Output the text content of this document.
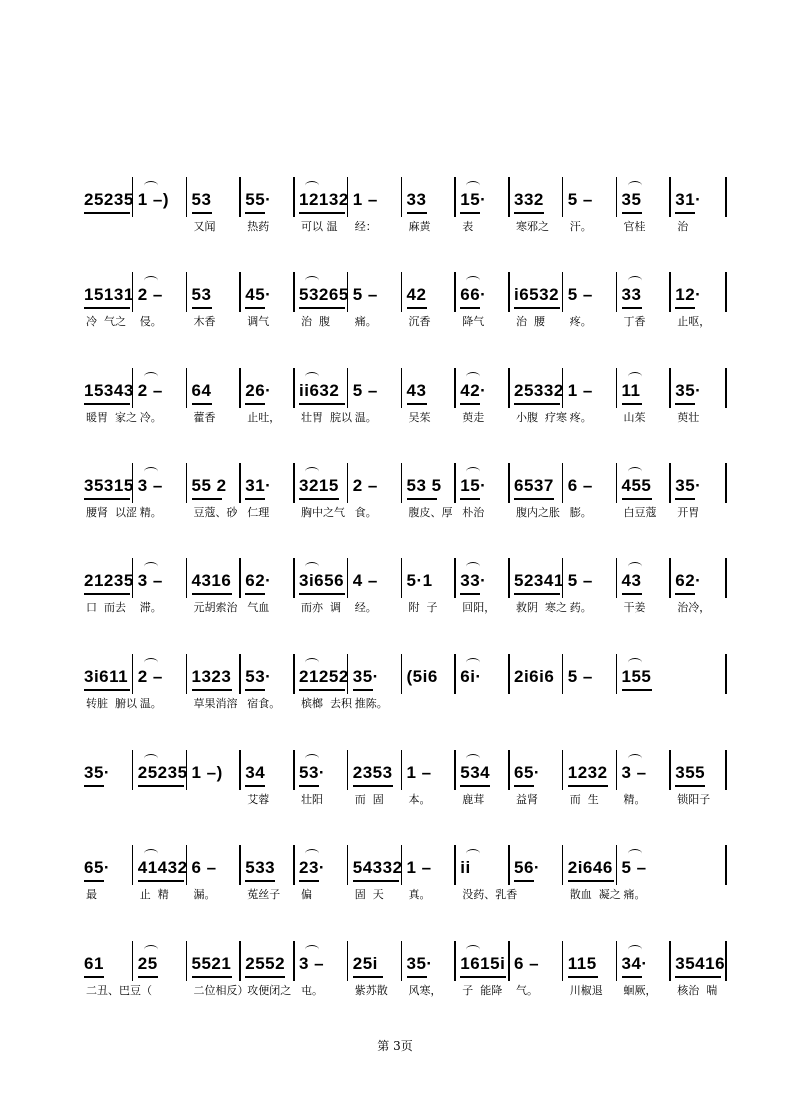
25235 1 –) 53 55· 12132 1 – 33 15· 332 5 – 35 31·
又闻	热药	可以 温 经：	麻黄	表	寒邪之 汗。	官桂	治
15131 2 – 53 45· 53265 5 – 42 66· i6532 5 – 33 12·
冷  气之 侵。	木香	调气	治  腹 痛。	沉香	降气	治  腰 疼。	丁香	止呕，
15343 2 – 64 26· ii632 5 – 43 42· 25332 1 – 11 35·
暖胃  家之 冷。	藿香	止吐， 壮胃  脘以 温。	吴茱	萸走	小腹  疗寒 疼。	山茱	萸壮
35315 3 – 55 2 31· 3215 2 – 53 5 15· 6537 6 – 455 35·
腰肾  以涩 精。	豆蔻、砂 仁理	胸中之气 食。	腹皮、厚 朴治	腹内之胀 膨。	白豆蔻 开胃
21235 3 – 4316 62· 3i656 4 – 5·1 33· 52341 5 – 43 62·
口  而去 滞。	元胡索治 气血	而亦  调 经。	附  子 回阳， 救阴  寒之 药。	干姜	治冷，
3i611 2 – 1323 53· 21252 35· (5i6 6i· 2i6i6 5 – 155
转脏  腑以 温。	草果消溶 宿食。 槟榔  去积 推陈。
35· 25235 1 –) 34 53· 2353 1 – 534 65· 1232 3 – 355
艾蓉	壮阳	而  固 本。	鹿茸	益肾	而  生 精。	锁阳子
65· 41432 6 – 533 23· 54332 1 – ii	56· 2i646 5 –
最	止  精 漏。	菟丝子 偏	固  天 真。	没药、乳香	散血  凝之 痛。
61 25 5521 2552 3 – 25i 35· 1615i 6 – 115 34· 35416
二丑、巴豆（	二位相反）
攻便闭之 屯。	紫苏散 风寒， 子  能降 气。	川椒退 蛔厥， 核治  喘
第 3页
